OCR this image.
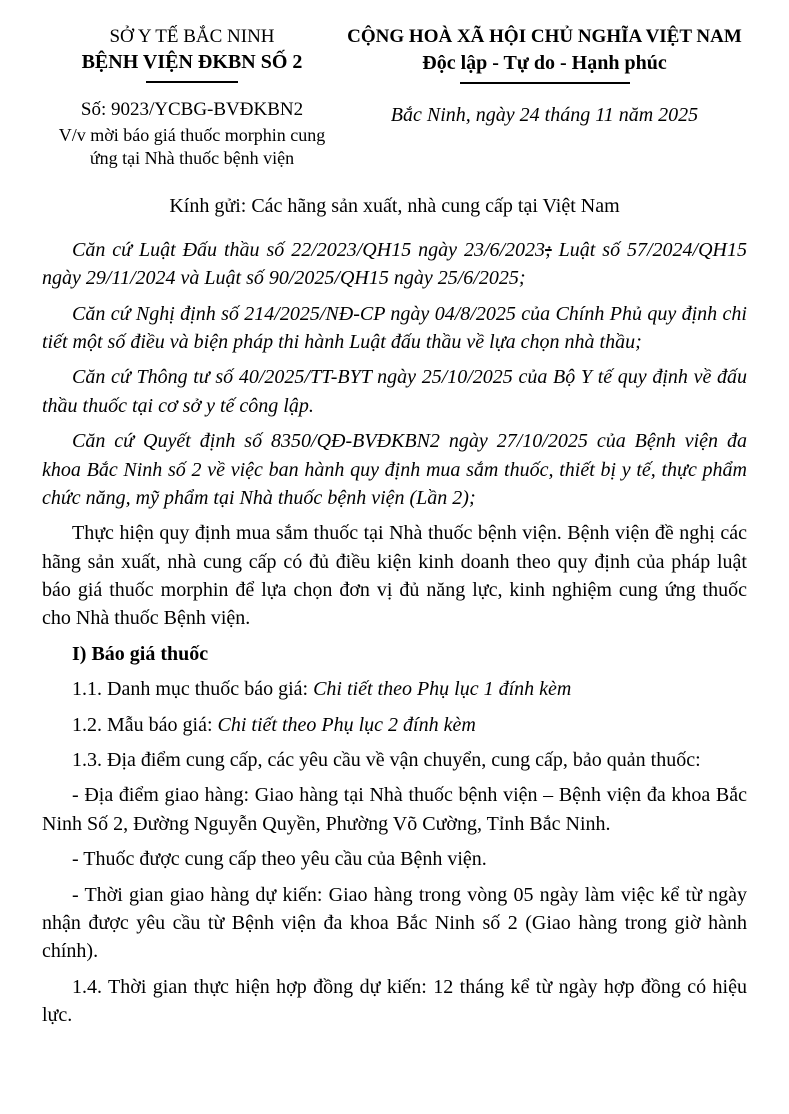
SỞ Y TẾ BẮC NINH
BỆNH VIỆN ĐKBN SỐ 2
Số: 9023/YCBG-BVĐKBN2
V/v mời báo giá thuốc morphin cung
ứng tại Nhà thuốc bệnh viện
CỘNG HOÀ XÃ HỘI CHỦ NGHĨA VIỆT NAM
Độc lập - Tự do - Hạnh phúc
Bắc Ninh, ngày 24 tháng 11 năm 2025
Kính gửi: Các hãng sản xuất, nhà cung cấp tại Việt Nam

Căn cứ Luật Đấu thầu số 22/2023/QH15 ngày 23/6/2023; Luật số 57/2024/QH15 ngày 29/11/2024 và Luật số 90/2025/QH15 ngày 25/6/2025;

Căn cứ Nghị định số 214/2025/NĐ-CP ngày 04/8/2025 của Chính Phủ quy định chi tiết một số điều và biện pháp thi hành Luật đấu thầu về lựa chọn nhà thầu;

Căn cứ Thông tư số 40/2025/TT-BYT ngày 25/10/2025 của Bộ Y tế quy định về đấu thầu thuốc tại cơ sở y tế công lập.

Căn cứ Quyết định số 8350/QĐ-BVĐKBN2 ngày 27/10/2025 của Bệnh viện đa khoa Bắc Ninh số 2 về việc ban hành quy định mua sắm thuốc, thiết bị y tế, thực phẩm chức năng, mỹ phẩm tại Nhà thuốc bệnh viện (Lần 2);

Thực hiện quy định mua sắm thuốc tại Nhà thuốc bệnh viện. Bệnh viện đề nghị các hãng sản xuất, nhà cung cấp có đủ điều kiện kinh doanh theo quy định của pháp luật báo giá thuốc morphin để lựa chọn đơn vị đủ năng lực, kinh nghiệm cung ứng thuốc cho Nhà thuốc Bệnh viện.

I) Báo giá thuốc

1.1. Danh mục thuốc báo giá: Chi tiết theo Phụ lục 1 đính kèm

1.2. Mẫu báo giá: Chi tiết theo Phụ lục 2 đính kèm

1.3. Địa điểm cung cấp, các yêu cầu về vận chuyển, cung cấp, bảo quản thuốc:

- Địa điểm giao hàng: Giao hàng tại Nhà thuốc bệnh viện – Bệnh viện đa khoa Bắc Ninh Số 2, Đường Nguyễn Quyền, Phường Võ Cường, Tỉnh Bắc Ninh.

- Thuốc được cung cấp theo yêu cầu của Bệnh viện.

- Thời gian giao hàng dự kiến: Giao hàng trong vòng 05 ngày làm việc kể từ ngày nhận được yêu cầu từ Bệnh viện đa khoa Bắc Ninh số 2 (Giao hàng trong giờ hành chính).

1.4. Thời gian thực hiện hợp đồng dự kiến: 12 tháng kể từ ngày hợp đồng có hiệu lực.
